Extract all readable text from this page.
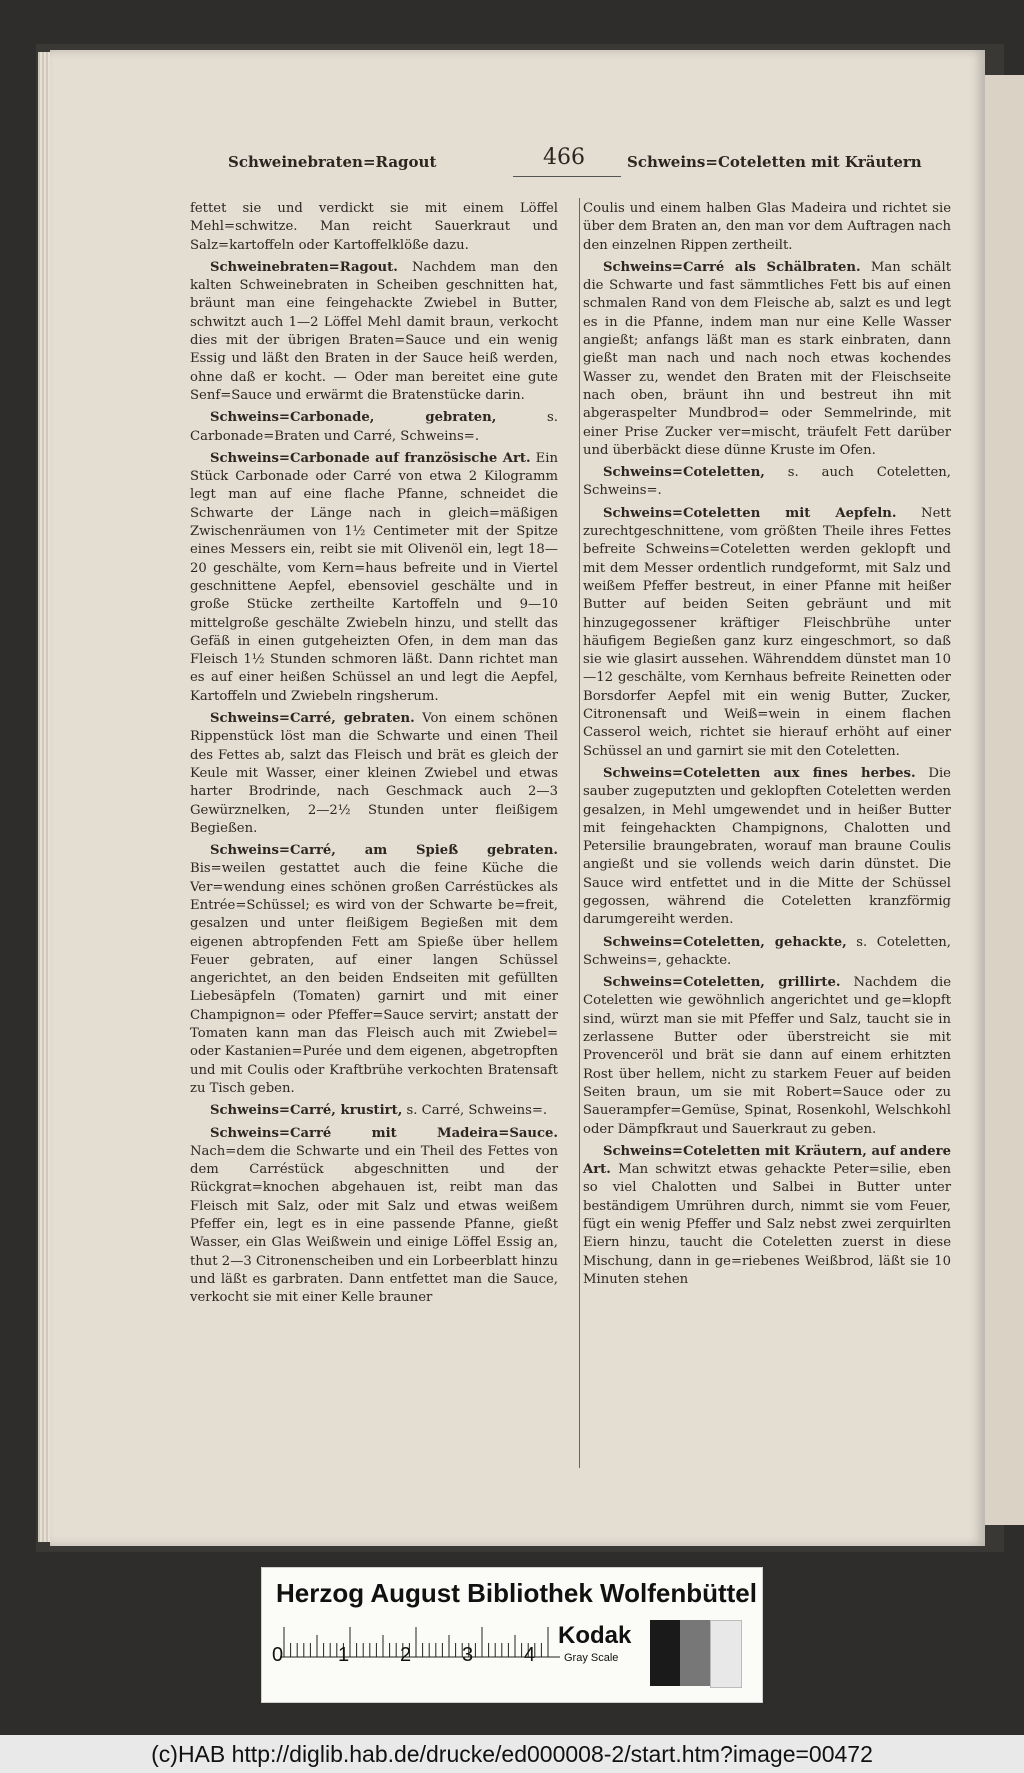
Schweinebraten=Ragout	466	Schweins=Coteletten mit Kräutern

fettet sie und verdickt sie mit einem Löffel Mehl=schwitze. Man reicht Sauerkraut und Salz=kartoffeln oder Kartoffelklöße dazu.

Schweinebraten=Ragout. Nachdem man den kalten Schweinebraten in Scheiben geschnitten hat, bräunt man eine feingehackte Zwiebel in Butter, schwitzt auch 1—2 Löffel Mehl damit braun, verkocht dies mit der übrigen Braten=Sauce und ein wenig Essig und läßt den Braten in der Sauce heiß werden, ohne daß er kocht. — Oder man bereitet eine gute Senf=Sauce und erwärmt die Bratenstücke darin.

Schweins=Carbonade, gebraten,	s. Carbonade=Braten und Carré, Schweins=.

Schweins=Carbonade auf französische Art. Ein Stück Carbonade oder Carré von etwa 2 Kilogramm legt man auf eine flache Pfanne, schneidet die Schwarte der Länge nach in gleich=mäßigen Zwischenräumen von 1½ Centimeter mit der Spitze eines Messers ein, reibt sie mit Olivenöl ein, legt 18—20 geschälte, vom Kern=haus befreite und in Viertel geschnittene Aepfel, ebensoviel geschälte und in große Stücke zertheilte Kartoffeln und 9—10 mittelgroße geschälte Zwiebeln hinzu, und stellt das Gefäß in einen gutgeheizten Ofen, in dem man das Fleisch 1½ Stunden schmoren läßt. Dann richtet man es auf einer heißen Schüssel an und legt die Aepfel, Kartoffeln und Zwiebeln ringsherum.

Schweins=Carré, gebraten. Von einem schönen Rippenstück löst man die Schwarte und einen Theil des Fettes ab, salzt das Fleisch und brät es gleich der Keule mit Wasser, einer kleinen Zwiebel und etwas harter Brodrinde, nach Geschmack auch 2—3 Gewürznelken, 2—2½ Stunden unter fleißigem Begießen.

Schweins=Carré, am Spieß gebraten. Bis=weilen gestattet auch die feine Küche die Ver=wendung eines schönen großen Carréstückes als Entrée=Schüssel; es wird von der Schwarte be=freit, gesalzen und unter fleißigem Begießen mit dem eigenen abtropfenden Fett am Spieße über hellem Feuer gebraten, auf einer langen Schüssel angerichtet, an den beiden Endseiten mit gefüllten Liebesäpfeln (Tomaten) garnirt und mit einer Champignon= oder Pfeffer=Sauce servirt; anstatt der Tomaten kann man das Fleisch auch mit Zwiebel= oder Kastanien=Purée und dem eigenen, abgetropften und mit Coulis oder Kraftbrühe verkochten Bratensaft zu Tisch geben.

Schweins=Carré, krustirt, s. Carré, Schweins=.

Schweins=Carré mit Madeira=Sauce. Nach=dem die Schwarte und ein Theil des Fettes von dem Carréstück abgeschnitten und der Rückgrat=knochen abgehauen ist, reibt man das Fleisch mit Salz, oder mit Salz und etwas weißem Pfeffer ein, legt es in eine passende Pfanne, gießt Wasser, ein Glas Weißwein und einige Löffel Essig an, thut 2—3 Citronenscheiben und ein Lorbeerblatt hinzu und läßt es garbraten. Dann entfettet man die Sauce, verkocht sie mit einer Kelle brauner

Coulis und einem halben Glas Madeira und richtet sie über dem Braten an, den man vor dem Auftragen nach den einzelnen Rippen zertheilt.

Schweins=Carré als Schälbraten. Man schält die Schwarte und fast sämmtliches Fett bis auf einen schmalen Rand von dem Fleische ab, salzt es und legt es in die Pfanne, indem man nur eine Kelle Wasser angießt; anfangs läßt man es stark einbraten, dann gießt man nach und nach noch etwas kochendes Wasser zu, wendet den Braten mit der Fleischseite nach oben, bräunt ihn und bestreut ihn mit abgeraspelter Mundbrod= oder Semmelrinde, mit einer Prise Zucker ver=mischt, träufelt Fett darüber und überbäckt diese dünne Kruste im Ofen.

Schweins=Coteletten, s. auch Coteletten, Schweins=.

Schweins=Coteletten mit Aepfeln. Nett zurechtgeschnittene, vom größten Theile ihres Fettes befreite Schweins=Coteletten werden geklopft und mit dem Messer ordentlich rundgeformt, mit Salz und weißem Pfeffer bestreut, in einer Pfanne mit heißer Butter auf beiden Seiten gebräunt und mit hinzugegossener kräftiger Fleischbrühe unter häufigem Begießen ganz kurz eingeschmort, so daß sie wie glasirt aussehen. Währenddem dünstet man 10—12 geschälte, vom Kernhaus befreite Reinetten oder Borsdorfer Aepfel mit ein wenig Butter, Zucker, Citronensaft und Weiß=wein in einem flachen Casserol weich, richtet sie hierauf erhöht auf einer Schüssel an und garnirt sie mit den Coteletten.

Schweins=Coteletten aux fines herbes. Die sauber zugeputzten und geklopften Coteletten werden gesalzen, in Mehl umgewendet und in heißer Butter mit feingehackten Champignons, Chalotten und Petersilie braungebraten, worauf man braune Coulis angießt und sie vollends weich darin dünstet. Die Sauce wird entfettet und in die Mitte der Schüssel gegossen, während die Coteletten kranzförmig darumgereiht werden.

Schweins=Coteletten, gehackte, s. Coteletten, Schweins=, gehackte.

Schweins=Coteletten, grillirte. Nachdem die Coteletten wie gewöhnlich angerichtet und ge=klopft sind, würzt man sie mit Pfeffer und Salz, taucht sie in zerlassene Butter oder überstreicht sie mit Provenceröl und brät sie dann auf einem erhitzten Rost über hellem, nicht zu starkem Feuer auf beiden Seiten braun, um sie mit Robert=Sauce oder zu Sauerampfer=Gemüse, Spinat, Rosenkohl, Welschkohl oder Dämpfkraut und Sauerkraut zu geben.

Schweins=Coteletten mit Kräutern, auf andere Art. Man schwitzt etwas gehackte Peter=silie, eben so viel Chalotten und Salbei in Butter unter beständigem Umrühren durch, nimmt sie vom Feuer, fügt ein wenig Pfeffer und Salz nebst zwei zerquirlten Eiern hinzu, taucht die Coteletten zuerst in diese Mischung, dann in ge=riebenes Weißbrod, läßt sie 10 Minuten stehen

Herzog August Bibliothek Wolfenbüttel
0	1	2	3	4
Kodak
Gray Scale
(c)HAB http://diglib.hab.de/drucke/ed000008-2/start.htm?image=00472
